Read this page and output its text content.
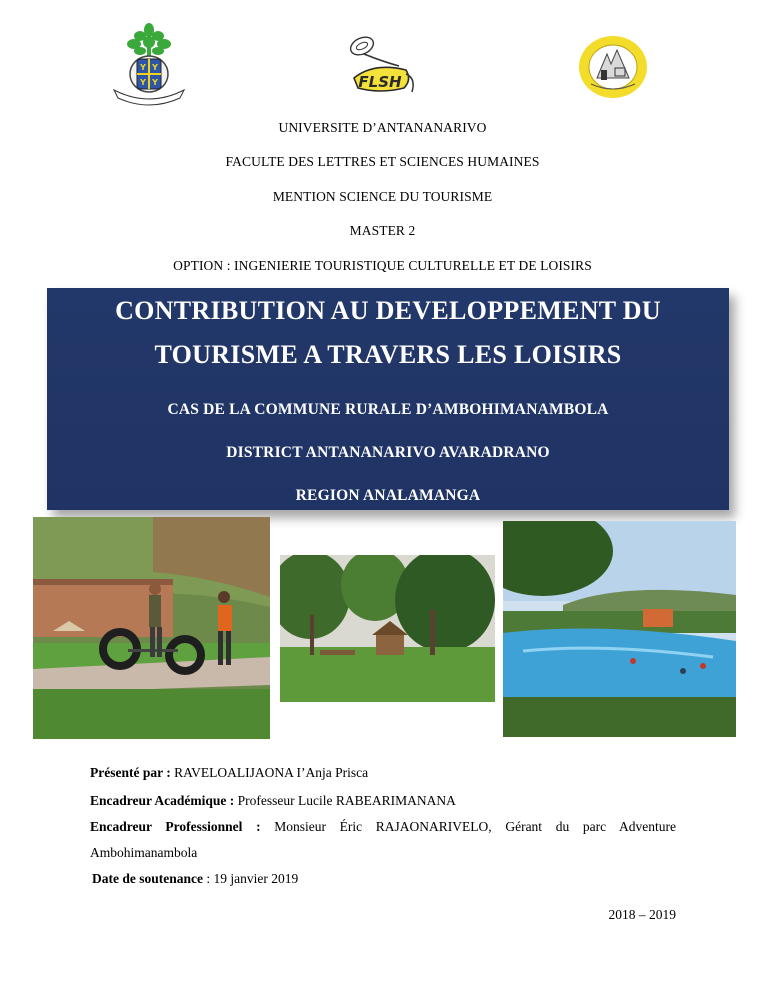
Y Y
Y Y	FLSH
UNIVERSITE D’ANTANANARIVO
FACULTE DES LETTRES ET SCIENCES HUMAINES
MENTION SCIENCE DU TOURISME
MASTER 2
OPTION : INGENIERIE TOURISTIQUE CULTURELLE ET DE LOISIRS
CONTRIBUTION AU DEVELOPPEMENT DU
TOURISME A TRAVERS LES LOISIRS
CAS DE LA COMMUNE RURALE D’AMBOHIMANAMBOLA
DISTRICT ANTANANARIVO AVARADRANO
REGION ANALAMANGA
Présenté par : RAVELOALIJAONA I’Anja Prisca
Encadreur Académique : Professeur Lucile RABEARIMANANA
Encadreur Professionnel : Monsieur Éric RAJAONARIVELO, Gérant du parc Adventure
Ambohimanambola
Date de soutenance : 19 janvier 2019
2018 – 2019
